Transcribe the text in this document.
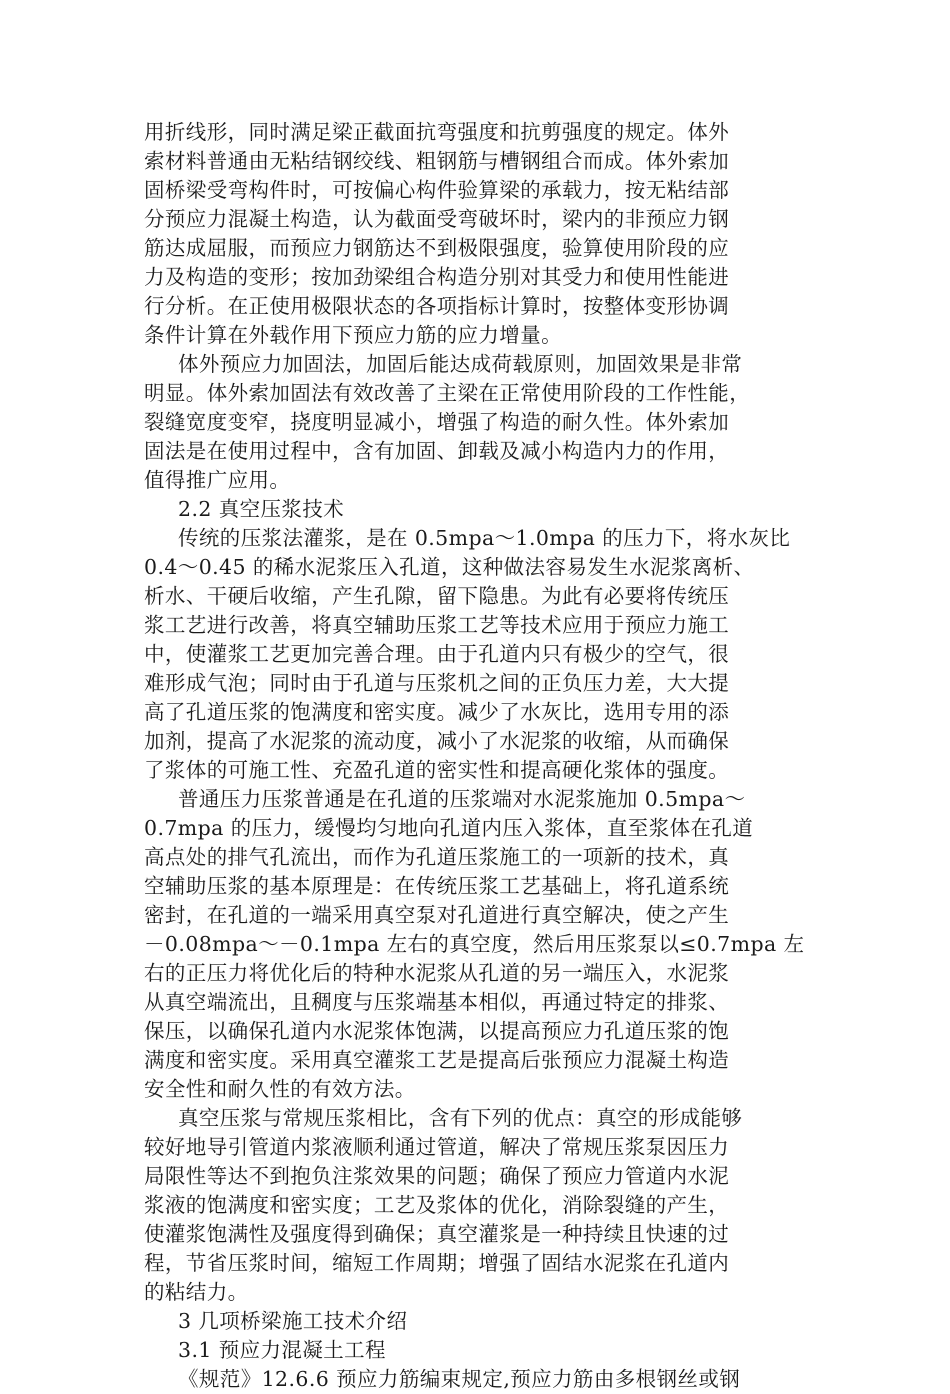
用折线形，同时满足梁正截面抗弯强度和抗剪强度的规定。体外
索材料普通由无粘结钢绞线、粗钢筋与槽钢组合而成。体外索加
固桥梁受弯构件时，可按偏心构件验算梁的承载力，按无粘结部
分预应力混凝土构造，认为截面受弯破坏时，梁内的非预应力钢
筋达成屈服，而预应力钢筋达不到极限强度，验算使用阶段的应
力及构造的变形；按加劲梁组合构造分别对其受力和使用性能进
行分析。在正使用极限状态的各项指标计算时，按整体变形协调
条件计算在外载作用下预应力筋的应力增量。
体外预应力加固法，加固后能达成荷载原则，加固效果是非常
明显。体外索加固法有效改善了主梁在正常使用阶段的工作性能，
裂缝宽度变窄，挠度明显减小，增强了构造的耐久性。体外索加
固法是在使用过程中，含有加固、卸载及减小构造内力的作用，
值得推广应用。
2.2 真空压浆技术
传统的压浆法灌浆，是在 0.5mpa～1.0mpa 的压力下，将水灰比
0.4～0.45 的稀水泥浆压入孔道，这种做法容易发生水泥浆离析、
析水、干硬后收缩，产生孔隙，留下隐患。为此有必要将传统压
浆工艺进行改善，将真空辅助压浆工艺等技术应用于预应力施工
中，使灌浆工艺更加完善合理。由于孔道内只有极少的空气，很
难形成气泡；同时由于孔道与压浆机之间的正负压力差，大大提
高了孔道压浆的饱满度和密实度。减少了水灰比，选用专用的添
加剂，提高了水泥浆的流动度，减小了水泥浆的收缩，从而确保
了浆体的可施工性、充盈孔道的密实性和提高硬化浆体的强度。
普通压力压浆普通是在孔道的压浆端对水泥浆施加 0.5mpa～
0.7mpa 的压力，缓慢均匀地向孔道内压入浆体，直至浆体在孔道
高点处的排气孔流出，而作为孔道压浆施工的一项新的技术，真
空辅助压浆的基本原理是：在传统压浆工艺基础上，将孔道系统
密封，在孔道的一端采用真空泵对孔道进行真空解决，使之产生
－0.08mpa～－0.1mpa 左右的真空度，然后用压浆泵以≤0.7mpa 左
右的正压力将优化后的特种水泥浆从孔道的另一端压入，水泥浆
从真空端流出，且稠度与压浆端基本相似，再通过特定的排浆、
保压，以确保孔道内水泥浆体饱满，以提高预应力孔道压浆的饱
满度和密实度。采用真空灌浆工艺是提高后张预应力混凝土构造
安全性和耐久性的有效方法。
真空压浆与常规压浆相比，含有下列的优点：真空的形成能够
较好地导引管道内浆液顺利通过管道，解决了常规压浆泵因压力
局限性等达不到抱负注浆效果的问题；确保了预应力管道内水泥
浆液的饱满度和密实度；工艺及浆体的优化，消除裂缝的产生，
使灌浆饱满性及强度得到确保；真空灌浆是一种持续且快速的过
程，节省压浆时间，缩短工作周期；增强了固结水泥浆在孔道内
的粘结力。
3 几项桥梁施工技术介绍
3.1 预应力混凝土工程
《规范》12.6.6 预应力筋编束规定,预应力筋由多根钢丝或钢
